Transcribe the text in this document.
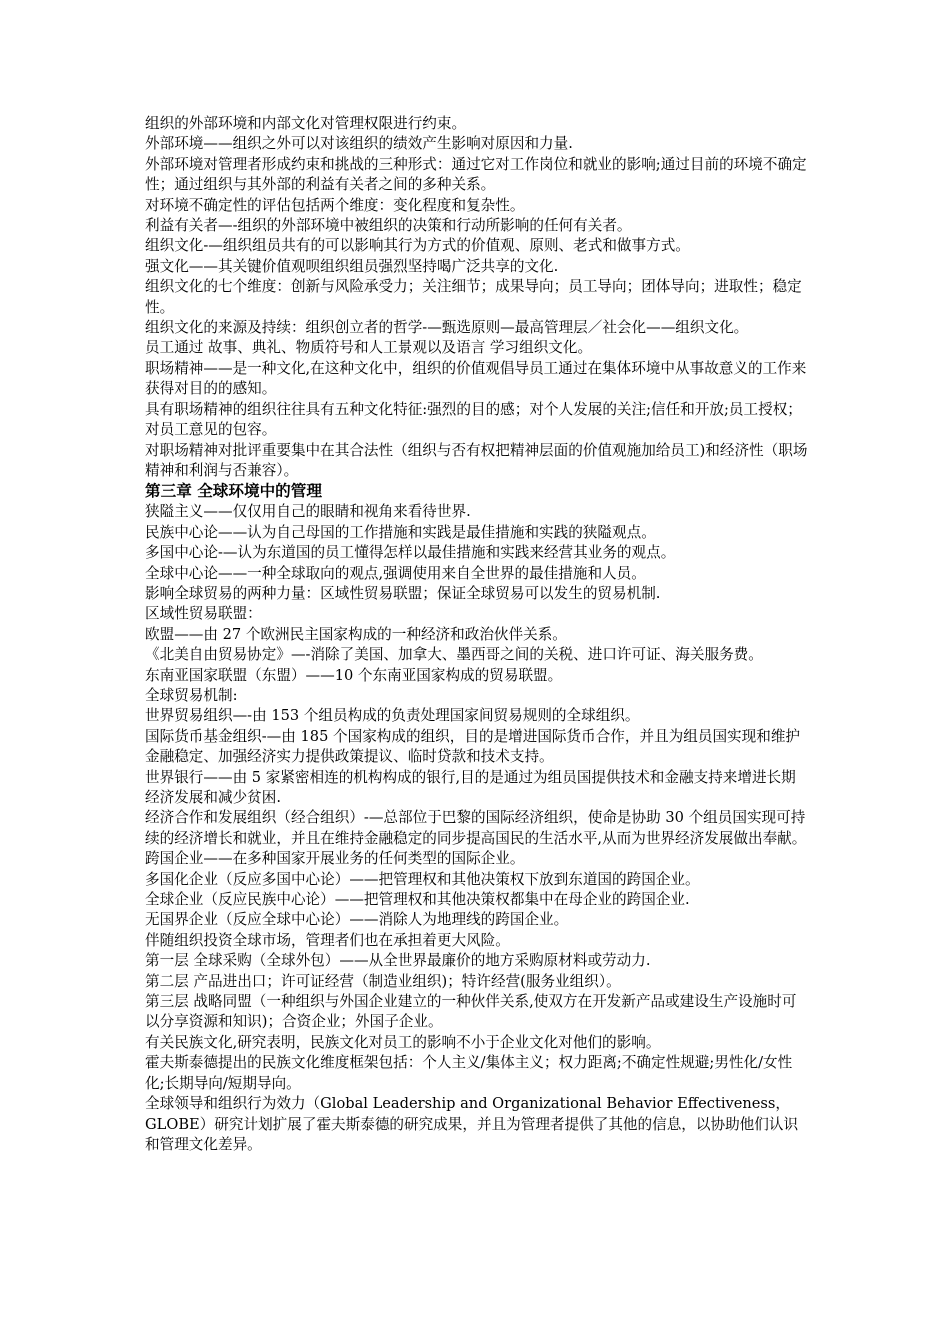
组织的外部环境和内部文化对管理权限进行约束。

外部环境——组织之外可以对该组织的绩效产生影响对原因和力量.

外部环境对管理者形成约束和挑战的三种形式：通过它对工作岗位和就业的影响;通过目前的环境不确定性；通过组织与其外部的利益有关者之间的多种关系。

对环境不确定性的评估包括两个维度：变化程度和复杂性。

利益有关者—-组织的外部环境中被组织的决策和行动所影响的任何有关者。

组织文化-—组织组员共有的可以影响其行为方式的价值观、原则、老式和做事方式。

强文化——其关键价值观呗组织组员强烈坚持喝广泛共享的文化.

组织文化的七个维度：创新与风险承受力；关注细节；成果导向；员工导向；团体导向；进取性；稳定性。

组织文化的来源及持续：组织创立者的哲学-—甄选原则—最高管理层／社会化——组织文化。

员工通过 故事、典礼、物质符号和人工景观以及语言 学习组织文化。

职场精神——是一种文化,在这种文化中，组织的价值观倡导员工通过在集体环境中从事故意义的工作来获得对目的的感知。

具有职场精神的组织往往具有五种文化特征:强烈的目的感；对个人发展的关注;信任和开放;员工授权；对员工意见的包容。

对职场精神对批评重要集中在其合法性（组织与否有权把精神层面的价值观施加给员工)和经济性（职场精神和利润与否兼容）。

第三章 全球环境中的管理

狭隘主义——仅仅用自己的眼睛和视角来看待世界.

民族中心论——认为自己母国的工作措施和实践是最佳措施和实践的狭隘观点。

多国中心论-—认为东道国的员工懂得怎样以最佳措施和实践来经营其业务的观点。

全球中心论——一种全球取向的观点,强调使用来自全世界的最佳措施和人员。

影响全球贸易的两种力量：区域性贸易联盟；保证全球贸易可以发生的贸易机制.

区域性贸易联盟：

欧盟——由 27 个欧洲民主国家构成的一种经济和政治伙伴关系。

《北美自由贸易协定》—-消除了美国、加拿大、墨西哥之间的关税、进口许可证、海关服务费。

东南亚国家联盟（东盟）——10 个东南亚国家构成的贸易联盟。

全球贸易机制:

世界贸易组织—-由 153 个组员构成的负责处理国家间贸易规则的全球组织。

国际货币基金组织-—由 185 个国家构成的组织，目的是增进国际货币合作，并且为组员国实现和维护金融稳定、加强经济实力提供政策提议、临时贷款和技术支持。

世界银行——由 5 家紧密相连的机构构成的银行,目的是通过为组员国提供技术和金融支持来增进长期经济发展和减少贫困.

经济合作和发展组织（经合组织）-—总部位于巴黎的国际经济组织，使命是协助 30 个组员国实现可持续的经济增长和就业，并且在维持金融稳定的同步提高国民的生活水平,从而为世界经济发展做出奉献。

跨国企业——在多种国家开展业务的任何类型的国际企业。

多国化企业（反应多国中心论）——把管理权和其他决策权下放到东道国的跨国企业。

全球企业（反应民族中心论）——把管理权和其他决策权都集中在母企业的跨国企业.

无国界企业（反应全球中心论）——消除人为地理线的跨国企业。

伴随组织投资全球市场，管理者们也在承担着更大风险。

第一层 全球采购（全球外包）——从全世界最廉价的地方采购原材料或劳动力.

第二层 产品进出口；许可证经营（制造业组织)；特许经营(服务业组织）。

第三层 战略同盟（一种组织与外国企业建立的一种伙伴关系,使双方在开发新产品或建设生产设施时可以分享资源和知识)；合资企业；外国子企业。

有关民族文化,研究表明，民族文化对员工的影响不小于企业文化对他们的影响。

霍夫斯泰德提出的民族文化维度框架包括：个人主义/集体主义；权力距离;不确定性规避;男性化/女性化;长期导向/短期导向。

全球领导和组织行为效力（Global Leadership and Organizational Behavior Effectiveness，GLOBE）研究计划扩展了霍夫斯泰德的研究成果，并且为管理者提供了其他的信息，以协助他们认识和管理文化差异。
